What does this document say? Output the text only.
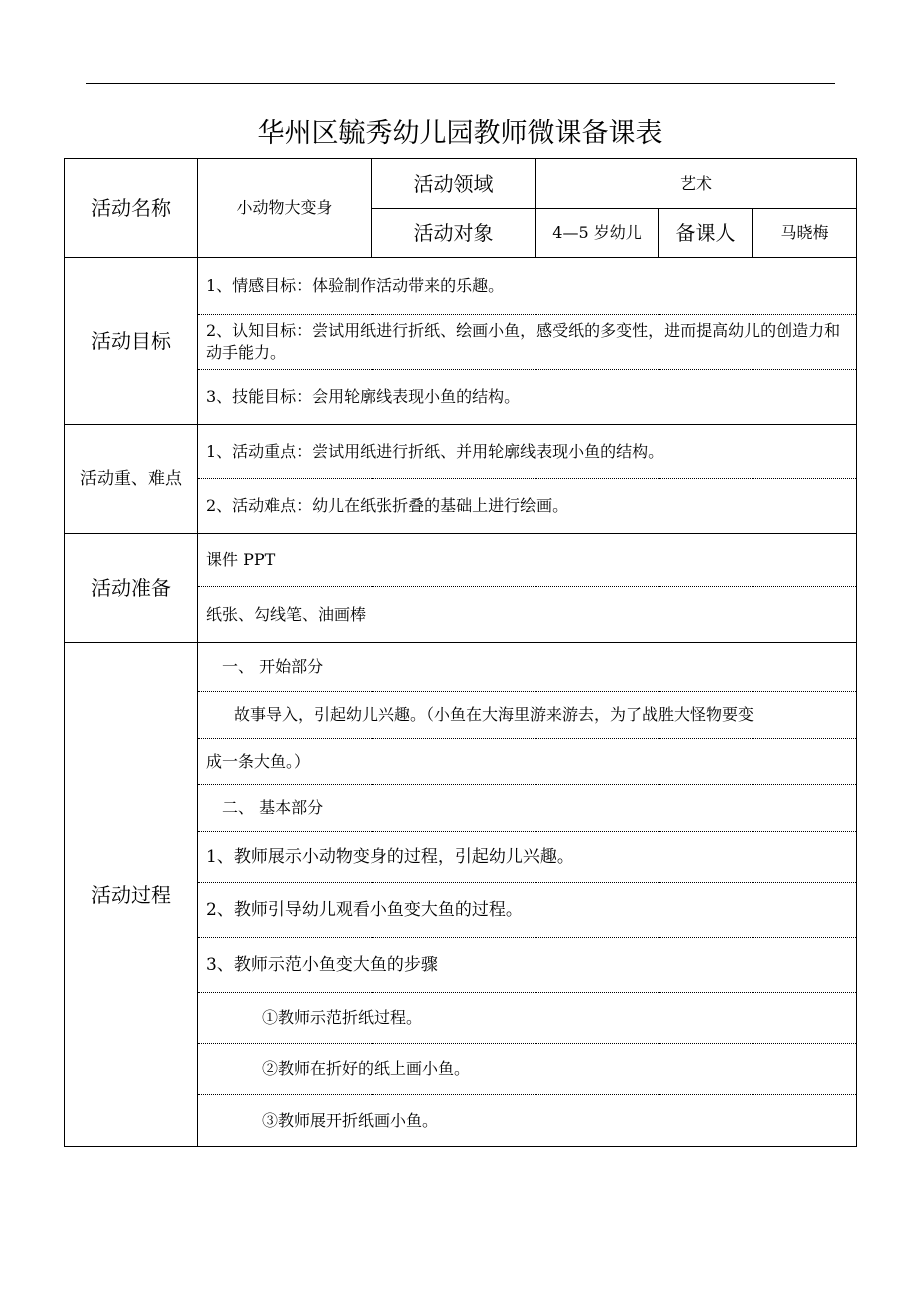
华州区毓秀幼儿园教师微课备课表
活动名称	小动物大变身	活动领域	艺术		
		活动对象	4—5 岁幼儿	备课人	马晓梅
活动目标	1、情感目标：体验制作活动带来的乐趣。				
	2、认知目标：尝试用纸进行折纸、绘画小鱼，感受纸的多变性，进而提高幼儿的创造力和动手能力。				
	3、技能目标：会用轮廓线表现小鱼的结构。				
活动重、难点	1、活动重点：尝试用纸进行折纸、并用轮廓线表现小鱼的结构。				
	2、活动难点：幼儿在纸张折叠的基础上进行绘画。				
活动准备	课件 PPT				
	纸张、勾线笔、油画棒				
活动过程	一、 开始部分				
	故事导入，引起幼儿兴趣。（小鱼在大海里游来游去，为了战胜大怪物要变				
	成一条大鱼。）				
	二、 基本部分				
	1、教师展示小动物变身的过程，引起幼儿兴趣。				
	2、教师引导幼儿观看小鱼变大鱼的过程。				
	3、教师示范小鱼变大鱼的步骤				
	①教师示范折纸过程。				
	②教师在折好的纸上画小鱼。				
	③教师展开折纸画小鱼。				
